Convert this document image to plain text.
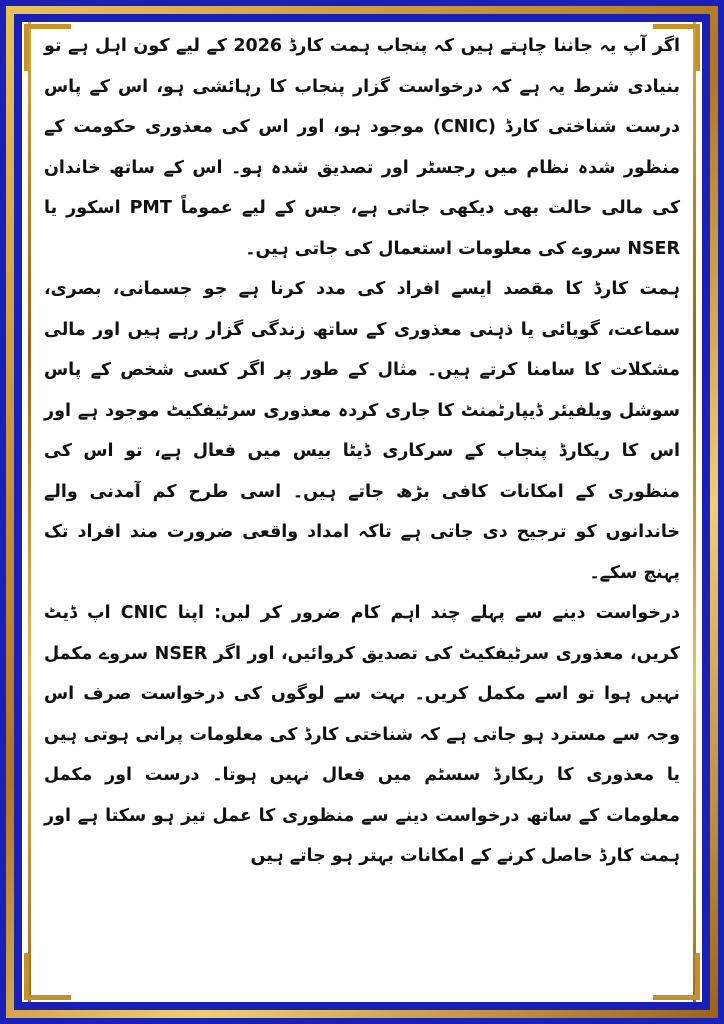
اگر آپ یہ جاننا چاہتے ہیں کہ پنجاب ہمت کارڈ 2026 کے لیے کون اہل ہے تو بنیادی شرط یہ ہے کہ درخواست گزار پنجاب کا رہائشی ہو، اس کے پاس درست شناختی کارڈ (CNIC) موجود ہو، اور اس کی معذوری حکومت کے منظور شدہ نظام میں رجسٹر اور تصدیق شدہ ہو۔ اس کے ساتھ خاندان کی مالی حالت بھی دیکھی جاتی ہے، جس کے لیے عموماً PMT اسکور یا NSER سروے کی معلومات استعمال کی جاتی ہیں۔

ہمت کارڈ کا مقصد ایسے افراد کی مدد کرنا ہے جو جسمانی، بصری، سماعت، گویائی یا ذہنی معذوری کے ساتھ زندگی گزار رہے ہیں اور مالی مشکلات کا سامنا کرتے ہیں۔ مثال کے طور پر اگر کسی شخص کے پاس سوشل ویلفیئر ڈیپارٹمنٹ کا جاری کردہ معذوری سرٹیفکیٹ موجود ہے اور اس کا ریکارڈ پنجاب کے سرکاری ڈیٹا بیس میں فعال ہے، تو اس کی منظوری کے امکانات کافی بڑھ جاتے ہیں۔ اسی طرح کم آمدنی والے خاندانوں کو ترجیح دی جاتی ہے تاکہ امداد واقعی ضرورت مند افراد تک پہنچ سکے۔

درخواست دینے سے پہلے چند اہم کام ضرور کر لیں: اپنا CNIC اپ ڈیٹ کریں، معذوری سرٹیفکیٹ کی تصدیق کروائیں، اور اگر NSER سروے مکمل نہیں ہوا تو اسے مکمل کریں۔ بہت سے لوگوں کی درخواست صرف اس وجہ سے مسترد ہو جاتی ہے کہ شناختی کارڈ کی معلومات پرانی ہوتی ہیں یا معذوری کا ریکارڈ سسٹم میں فعال نہیں ہوتا۔ درست اور مکمل معلومات کے ساتھ درخواست دینے سے منظوری کا عمل تیز ہو سکتا ہے اور ہمت کارڈ حاصل کرنے کے امکانات بہتر ہو جاتے ہیں
